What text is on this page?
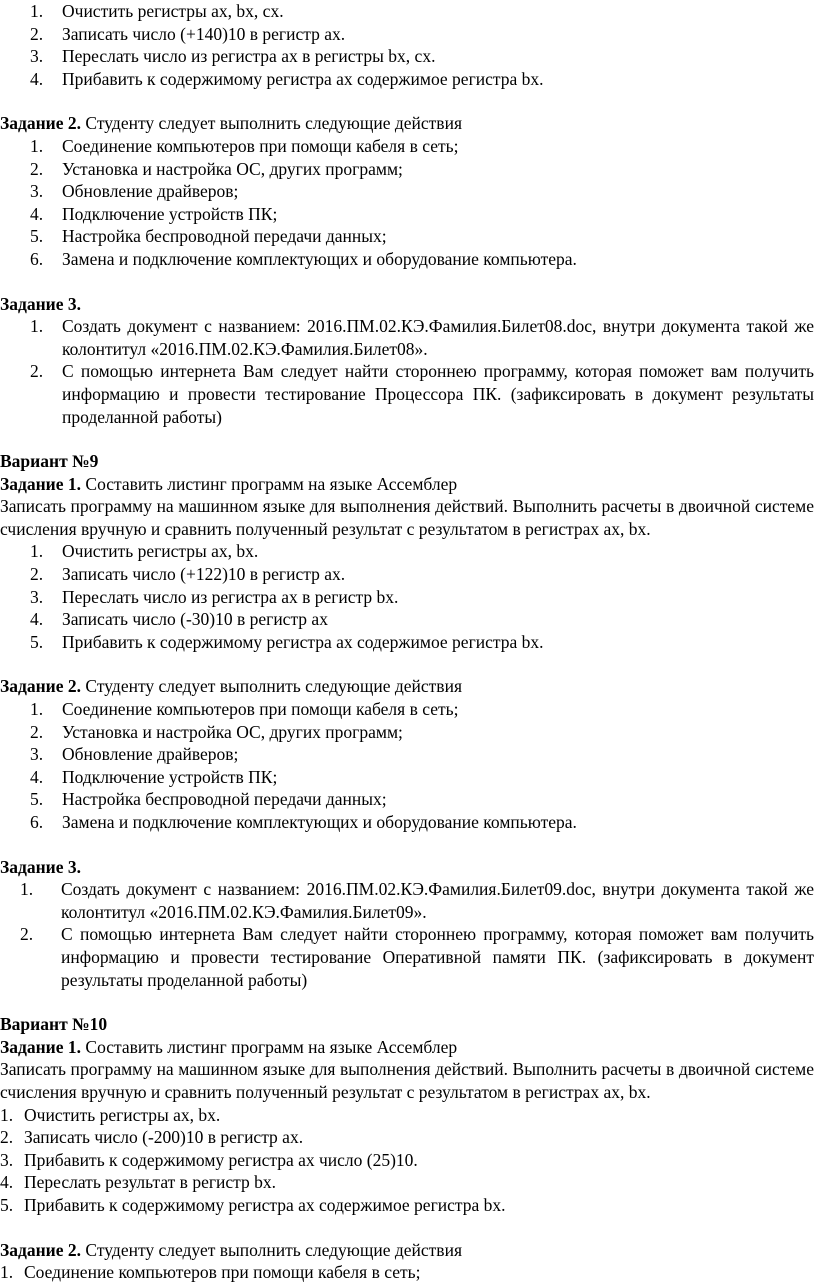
1. Очистить регистры ах, bx, cx.
2. Записать число (+140)10 в регистр ах.
3. Переслать число из регистра ах в регистры bx, cx.
4. Прибавить к содержимому регистра ах содержимое регистра bx.
Задание 2. Студенту следует выполнить следующие действия
1. Соединение компьютеров при помощи кабеля в сеть;
2. Установка и настройка ОС, других программ;
3. Обновление драйверов;
4. Подключение устройств ПК;
5. Настройка беспроводной передачи данных;
6. Замена и подключение комплектующих и оборудование компьютера.
Задание 3.
1. Создать документ с названием: 2016.ПМ.02.КЭ.Фамилия.Билет08.doc, внутри документа такой же колонтитул «2016.ПМ.02.КЭ.Фамилия.Билет08».
2. С помощью интернета Вам следует найти стороннею программу, которая поможет вам получить информацию и провести тестирование Процессора ПК. (зафиксировать в документ результаты проделанной работы)
Вариант №9
Задание 1. Составить листинг программ на языке Ассемблер
Записать программу на машинном языке для выполнения действий. Выполнить расчеты в двоичной системе счисления вручную и сравнить полученный результат с результатом в регистрах ах, bx.
1. Очистить регистры ах, bx.
2. Записать число (+122)10 в регистр ах.
3. Переслать число из регистра ах в регистр bx.
4. Записать число (-30)10 в регистр ах
5. Прибавить к содержимому регистра ах содержимое регистра bx.
Задание 2. Студенту следует выполнить следующие действия
1. Соединение компьютеров при помощи кабеля в сеть;
2. Установка и настройка ОС, других программ;
3. Обновление драйверов;
4. Подключение устройств ПК;
5. Настройка беспроводной передачи данных;
6. Замена и подключение комплектующих и оборудование компьютера.
Задание 3.
1. Создать документ с названием: 2016.ПМ.02.КЭ.Фамилия.Билет09.doc, внутри документа такой же колонтитул «2016.ПМ.02.КЭ.Фамилия.Билет09».
2. С помощью интернета Вам следует найти стороннею программу, которая поможет вам получить информацию и провести тестирование Оперативной памяти ПК. (зафиксировать в документ результаты проделанной работы)
Вариант №10
Задание 1. Составить листинг программ на языке Ассемблер
Записать программу на машинном языке для выполнения действий. Выполнить расчеты в двоичной системе счисления вручную и сравнить полученный результат с результатом в регистрах ах, bx.
1. Очистить регистры ах, bx.
2. Записать число (-200)10 в регистр ах.
3. Прибавить к содержимому регистра ах число (25)10.
4. Переслать результат в регистр bx.
5. Прибавить к содержимому регистра ах содержимое регистра bx.
Задание 2. Студенту следует выполнить следующие действия
1. Соединение компьютеров при помощи кабеля в сеть;
